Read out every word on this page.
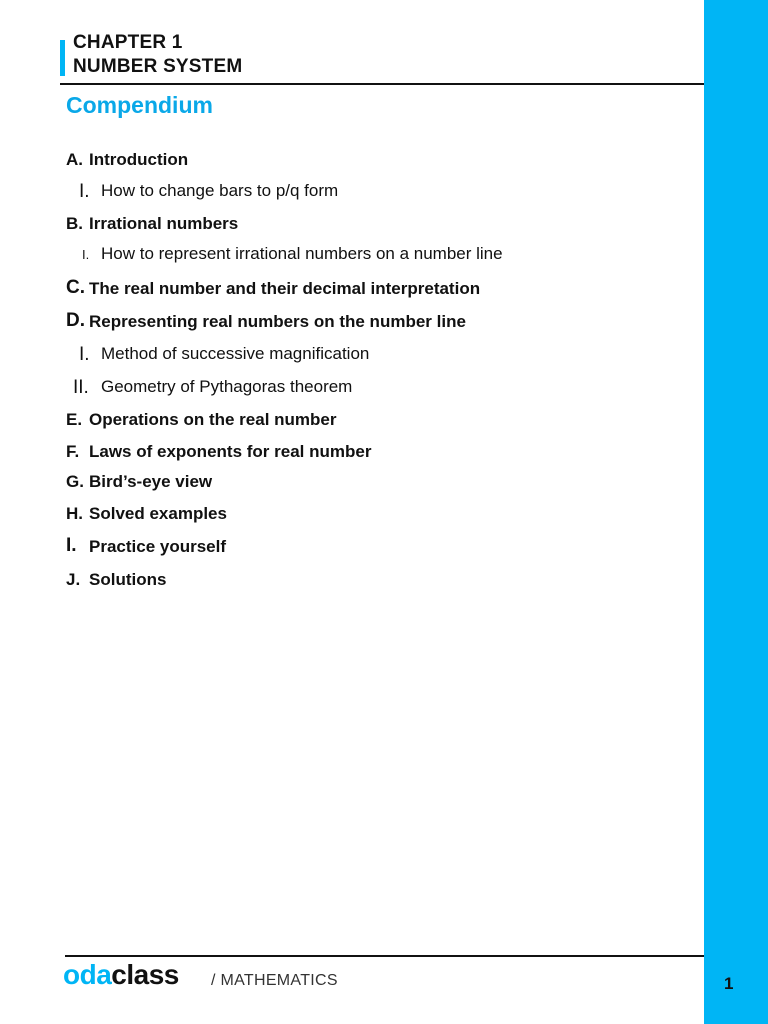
CHAPTER 1
NUMBER SYSTEM
Compendium
A. Introduction
I. How to change bars to p/q form
B. Irrational numbers
I. How to represent irrational numbers on a number line
C. The real number and their decimal interpretation
D. Representing real numbers on the number line
I. Method of successive magnification
II. Geometry of Pythagoras theorem
E. Operations on the real number
F. Laws of exponents for real number
G. Bird’s-eye view
H. Solved examples
I. Practice yourself
J. Solutions
odaclass / MATHEMATICS	1
